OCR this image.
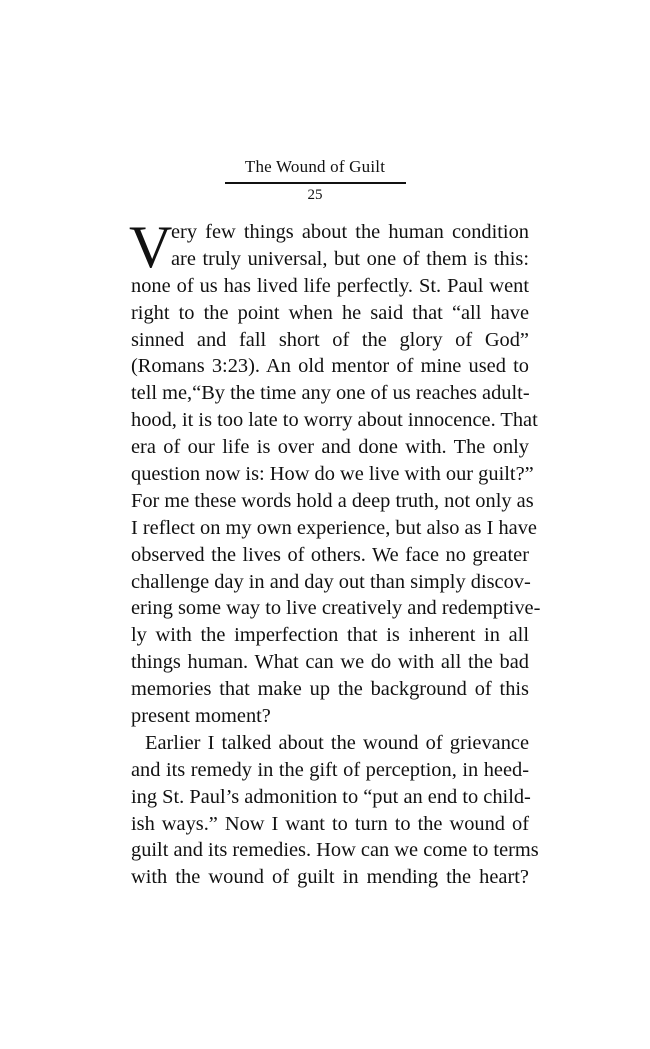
The Wound of Guilt
25
V
ery few things about the human condition
are truly universal, but one of them is this:
none of us has lived life perfectly. St. Paul went
right to the point when he said that “all have
sinned and fall short of the glory of God”
(Romans 3:23). An old mentor of mine used to
tell me,“By the time any one of us reaches adult-
hood, it is too late to worry about innocence. That
era of our life is over and done with. The only
question now is: How do we live with our guilt?”
For me these words hold a deep truth, not only as
I reflect on my own experience, but also as I have
observed the lives of others. We face no greater
challenge day in and day out than simply discov-
ering some way to live creatively and redemptive-
ly with the imperfection that is inherent in all
things human. What can we do with all the bad
memories that make up the background of this
present moment?
Earlier I talked about the wound of grievance
and its remedy in the gift of perception, in heed-
ing St. Paul’s admonition to “put an end to child-
ish ways.” Now I want to turn to the wound of
guilt and its remedies. How can we come to terms
with the wound of guilt in mending the heart?
